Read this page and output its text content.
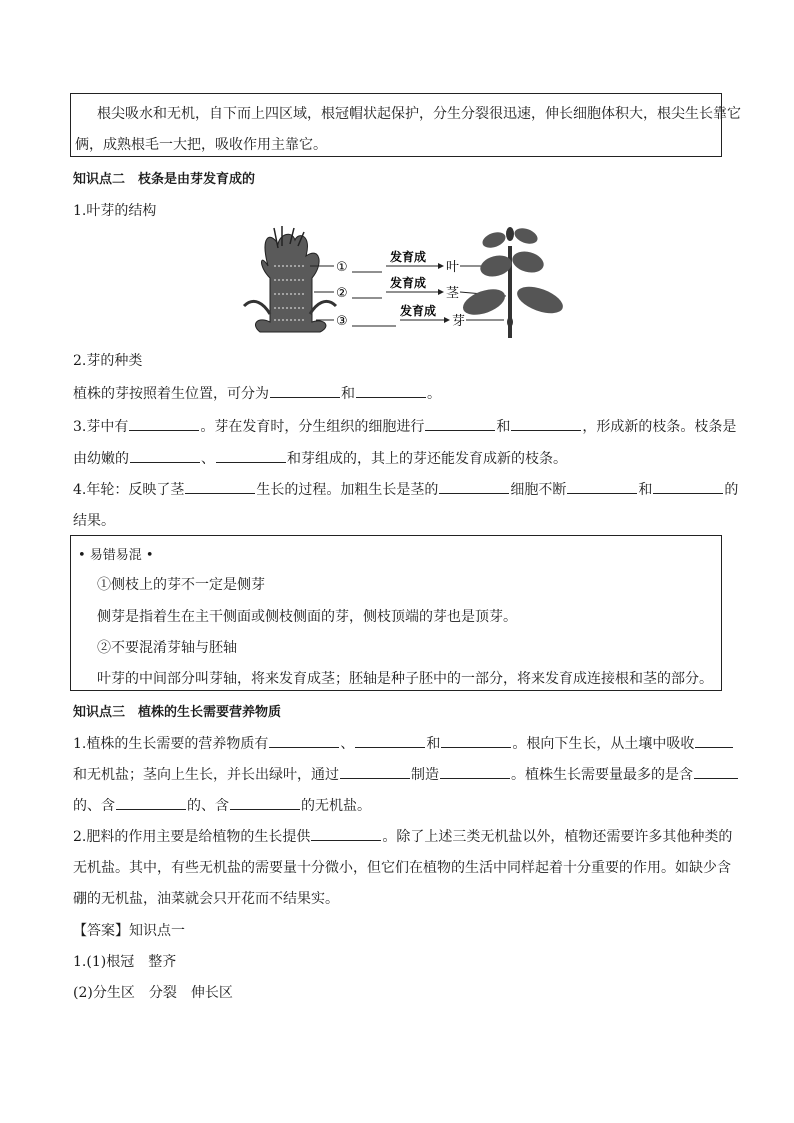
根尖吸水和无机，自下而上四区域，根冠帽状起保护，分生分裂很迅速，伸长细胞体积大，根尖生长靠它
俩，成熟根毛一大把，吸收作用主靠它。
知识点二　枝条是由芽发育成的
1.叶芽的结构
①
②
③
发育成
发育成
发育成
叶
茎
芽
2.芽的种类
植株的芽按照着生位置，可分为	和	。
3.芽中有	。芽在发育时，分生组织的细胞进行	和	，形成新的枝条。枝条是
由幼嫩的	、	和芽组成的，其上的芽还能发育成新的枝条。
4.年轮：反映了茎	生长的过程。加粗生长是茎的	细胞不断	和	的
结果。
• 易错易混 •
①侧枝上的芽不一定是侧芽
侧芽是指着生在主干侧面或侧枝侧面的芽，侧枝顶端的芽也是顶芽。
②不要混淆芽轴与胚轴
叶芽的中间部分叫芽轴，将来发育成茎；胚轴是种子胚中的一部分，将来发育成连接根和茎的部分。
知识点三　植株的生长需要营养物质
1.植株的生长需要的营养物质有	、	和	。根向下生长，从土壤中吸收
和无机盐；茎向上生长，并长出绿叶，通过	制造	。植株生长需要量最多的是含
的、含	的、含	的无机盐。
2.肥料的作用主要是给植物的生长提供	。除了上述三类无机盐以外，植物还需要许多其他种类的
无机盐。其中，有些无机盐的需要量十分微小，但它们在植物的生活中同样起着十分重要的作用。如缺少含
硼的无机盐，油菜就会只开花而不结果实。
【答案】知识点一
1.(1)根冠　整齐
(2)分生区　分裂　伸长区
